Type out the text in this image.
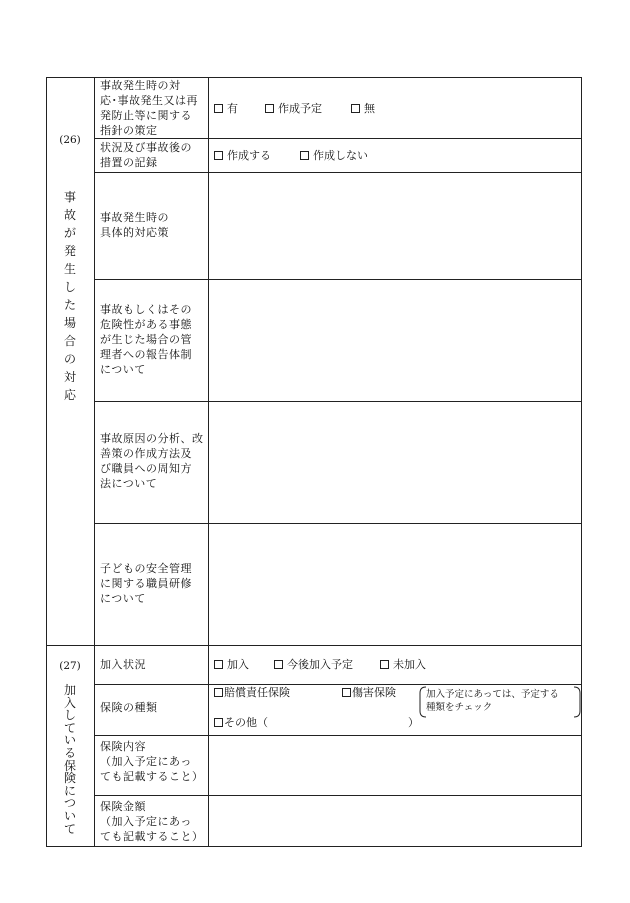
(26)
事
故
が
発
生
し
た
場
合
の
対
応
事故発生時の対
応･事故発生又は再
発防止等に関する
指針の策定
有	作成予定	無
状況及び事故後の
措置の記録
作成する	作成しない
事故発生時の
具体的対応策
事故もしくはその
危険性がある事態
が生じた場合の管
理者への報告体制
について
事故原因の分析、改
善策の作成方法及
び職員への周知方
法について
子どもの安全管理
に関する職員研修
について
(27)
加
入
し
て
い
る
保
険
に
つ
い
て
加入状況	加入	今後加入予定	未加入
保険の種類
賠償責任保険	傷害保険
その他（	）
加入予定にあっては、予定する
種類をチェック
保険内容
（加入予定にあっ
ても記載すること）
保険金額
（加入予定にあっ
ても記載すること）
